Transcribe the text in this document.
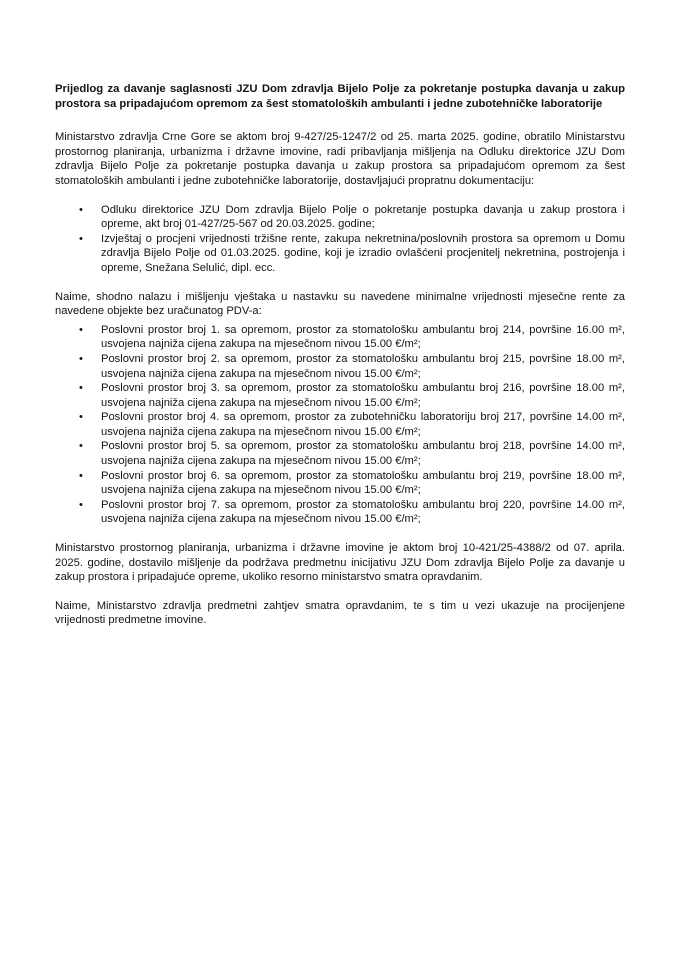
Prijedlog za davanje saglasnosti JZU Dom zdravlja Bijelo Polje za pokretanje postupka davanja u zakup prostora sa pripadajućom opremom za šest stomatoloških ambulanti i jedne zubotehničke laboratorije

Ministarstvo zdravlja Crne Gore se aktom broj 9-427/25-1247/2 od 25. marta 2025. godine, obratilo Ministarstvu prostornog planiranja, urbanizma i državne imovine, radi pribavljanja mišljenja na Odluku direktorice JZU Dom zdravlja Bijelo Polje za pokretanje postupka davanja u zakup prostora sa pripadajućom opremom za šest stomatoloških ambulanti i jedne zubotehničke laboratorije, dostavljajući propratnu dokumentaciju:

•	Odluku direktorice JZU Dom zdravlja Bijelo Polje o pokretanje postupka davanja u zakup prostora i opreme, akt broj 01-427/25-567 od 20.03.2025. godine;
•	Izvještaj o procjeni vrijednosti tržišne rente, zakupa nekretnina/poslovnih prostora sa opremom u Domu zdravlja Bijelo Polje od 01.03.2025. godine, koji je izradio ovlašćeni procjenitelj nekretnina, postrojenja i opreme, Snežana Selulić, dipl. ecc.

Naime, shodno nalazu i mišljenju vještaka u nastavku su navedene minimalne vrijednosti mjesečne rente za navedene objekte bez uračunatog PDV-a:

•	Poslovni prostor broj 1. sa opremom, prostor za stomatološku ambulantu broj 214, površine 16.00 m², usvojena najniža cijena zakupa na mjesečnom nivou 15.00 €/m²;
•	Poslovni prostor broj 2. sa opremom, prostor za stomatološku ambulantu broj 215, površine 18.00 m², usvojena najniža cijena zakupa na mjesečnom nivou 15.00 €/m²;
•	Poslovni prostor broj 3. sa opremom, prostor za stomatološku ambulantu broj 216, površine 18.00 m², usvojena najniža cijena zakupa na mjesečnom nivou 15.00 €/m²;
•	Poslovni prostor broj 4. sa opremom, prostor za zubotehničku laboratoriju broj 217, površine 14.00 m², usvojena najniža cijena zakupa na mjesečnom nivou 15.00 €/m²;
•	Poslovni prostor broj 5. sa opremom, prostor za stomatološku ambulantu broj 218, površine 14.00 m², usvojena najniža cijena zakupa na mjesečnom nivou 15.00 €/m²;
•	Poslovni prostor broj 6. sa opremom, prostor za stomatološku ambulantu broj 219, površine 18.00 m², usvojena najniža cijena zakupa na mjesečnom nivou 15.00 €/m²;
•	Poslovni prostor broj 7. sa opremom, prostor za stomatološku ambulantu broj 220, površine 14.00 m², usvojena najniža cijena zakupa na mjesečnom nivou 15.00 €/m²;

Ministarstvo prostornog planiranja, urbanizma i državne imovine je aktom broj 10-421/25-4388/2 od 07. aprila. 2025. godine, dostavilo mišljenje da podržava predmetnu inicijativu JZU Dom zdravlja Bijelo Polje za davanje u zakup prostora i pripadajuće opreme, ukoliko resorno ministarstvo smatra opravdanim.

Naime, Ministarstvo zdravlja predmetni zahtjev smatra opravdanim, te s tim u vezi ukazuje na procijenjene vrijednosti predmetne imovine.
